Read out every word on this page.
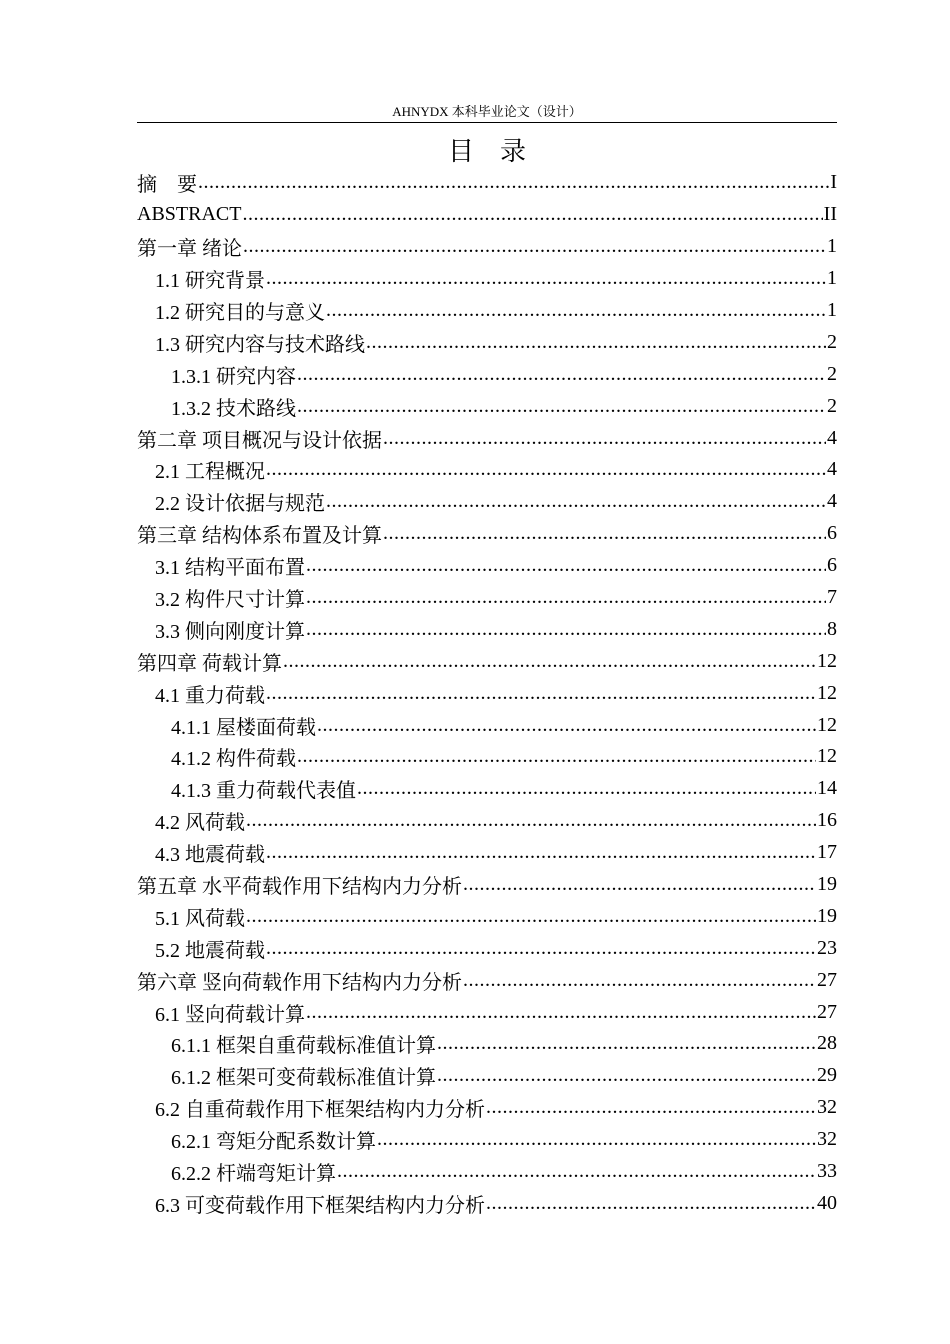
AHNYDX 本科毕业论文（设计）
目　录
摘　要 .....	I
ABSTRACT .....	II
第一章 绪论 .....	1
1.1 研究背景 .....	1
1.2 研究目的与意义 .....	1
1.3 研究内容与技术路线 .....	2
1.3.1 研究内容 .....	2
1.3.2 技术路线 .....	2
第二章 项目概况与设计依据 .....	4
2.1 工程概况 .....	4
2.2 设计依据与规范 .....	4
第三章 结构体系布置及计算 .....	6
3.1 结构平面布置 .....	6
3.2 构件尺寸计算 .....	7
3.3 侧向刚度计算 .....	8
第四章 荷载计算 .....	12
4.1 重力荷载 .....	12
4.1.1 屋楼面荷载 .....	12
4.1.2 构件荷载 .....	12
4.1.3 重力荷载代表值 .....	14
4.2 风荷载 .....	16
4.3 地震荷载 .....	17
第五章 水平荷载作用下结构内力分析 .....	19
5.1 风荷载 .....	19
5.2 地震荷载 .....	23
第六章 竖向荷载作用下结构内力分析 .....	27
6.1 竖向荷载计算 .....	27
6.1.1 框架自重荷载标准值计算 .....	28
6.1.2 框架可变荷载标准值计算 .....	29
6.2 自重荷载作用下框架结构内力分析 .....	32
6.2.1 弯矩分配系数计算 .....	32
6.2.2 杆端弯矩计算 .....	33
6.3 可变荷载作用下框架结构内力分析 .....	40
